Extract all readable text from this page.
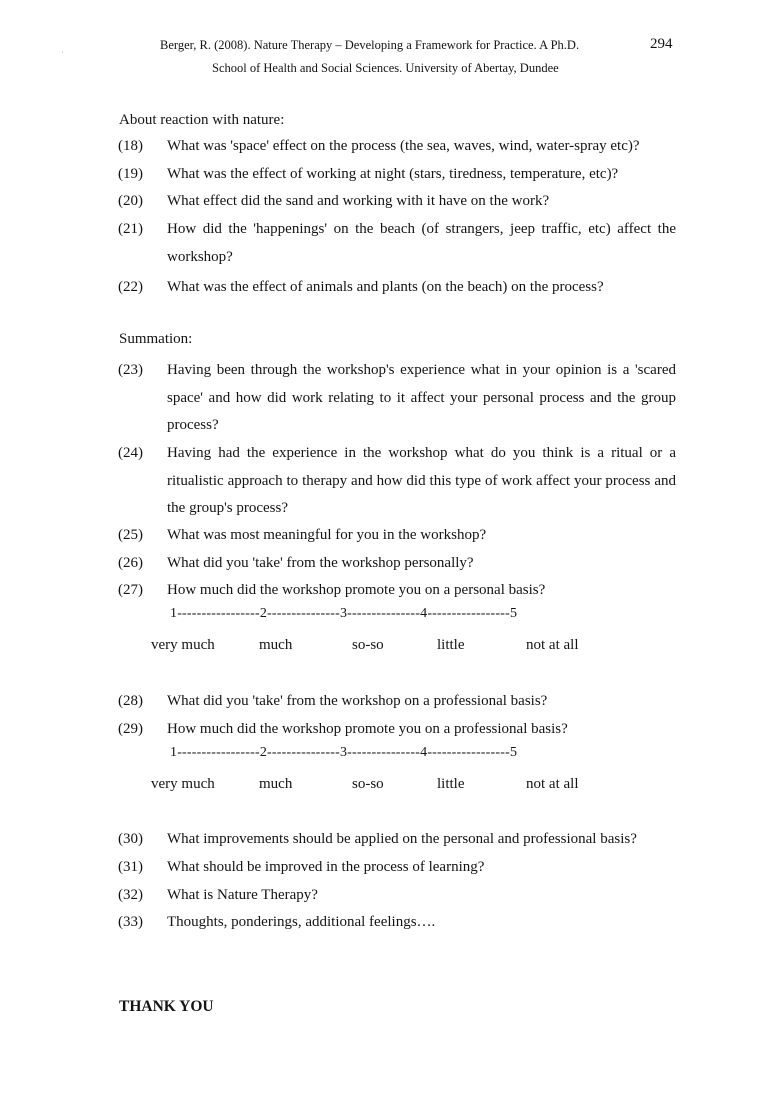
Berger, R. (2008). Nature Therapy – Developing a Framework for Practice. A Ph.D.
School of Health and Social Sciences. University of Abertay, Dundee
294
About reaction with nature:
(18) What was 'space' effect on the process (the sea, waves, wind, water-spray etc)?
(19) What was the effect of working at night (stars, tiredness, temperature, etc)?
(20) What effect did the sand and working with it have on the work?
(21) How did the 'happenings' on the beach (of strangers, jeep traffic, etc) affect the workshop?
(22) What was the effect of animals and plants (on the beach) on the process?
Summation:
(23) Having been through the workshop's experience what in your opinion is a 'scared space' and how did work relating to it affect your personal process and the group process?
(24) Having had the experience in the workshop what do you think is a ritual or a ritualistic approach to therapy and how did this type of work affect your process and the group's process?
(25) What was most meaningful for you in the workshop?
(26) What did you 'take' from the workshop personally?
(27) How much did the workshop promote you on a personal basis?
1-----------------2---------------3---------------4-----------------5
very much	much	so-so	little	not at all
(28) What did you 'take' from the workshop on a professional basis?
(29) How much did the workshop promote you on a professional basis?
1-----------------2---------------3---------------4-----------------5
very much	much	so-so	little	not at all
(30) What improvements should be applied on the personal and professional basis?
(31) What should be improved in the process of learning?
(32) What is Nature Therapy?
(33) Thoughts, ponderings, additional feelings….
THANK YOU
